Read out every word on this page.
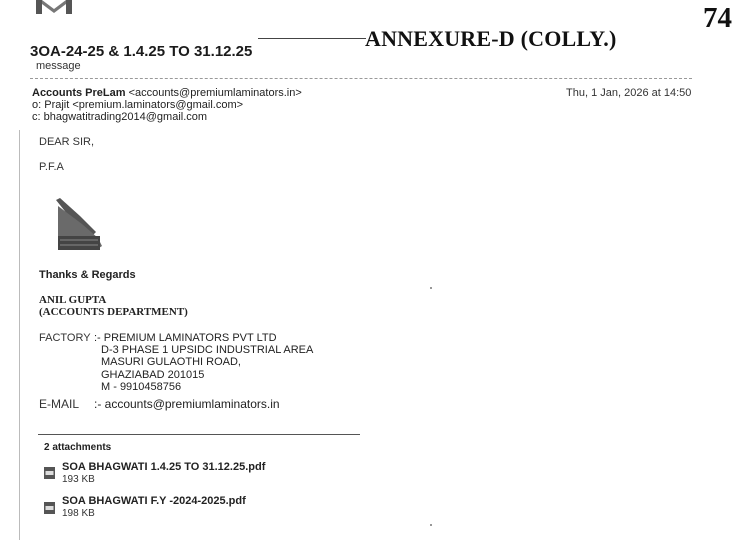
74
ANNEXURE-D (COLLY.)
3OA-24-25 & 1.4.25 TO 31.12.25
message
Accounts PreLam <accounts@premiumlaminators.in>	Thu, 1 Jan, 2026 at 14:50
o: Prajit <premium.laminators@gmail.com>
c: bhagwatitrading2014@gmail.com
DEAR SIR,
P.F.A
Thanks & Regards
ANIL GUPTA
(ACCOUNTS DEPARTMENT)
FACTORY :- PREMIUM LAMINATORS PVT LTD
D-3 PHASE 1 UPSIDC INDUSTRIAL AREA
MASURI GULAOTHI ROAD,
GHAZIABAD 201015
M - 9910458756
E-MAIL :- accounts@premiumlaminators.in
2 attachments
SOA BHAGWATI 1.4.25 TO 31.12.25.pdf
193 KB
SOA BHAGWATI F.Y -2024-2025.pdf
198 KB
